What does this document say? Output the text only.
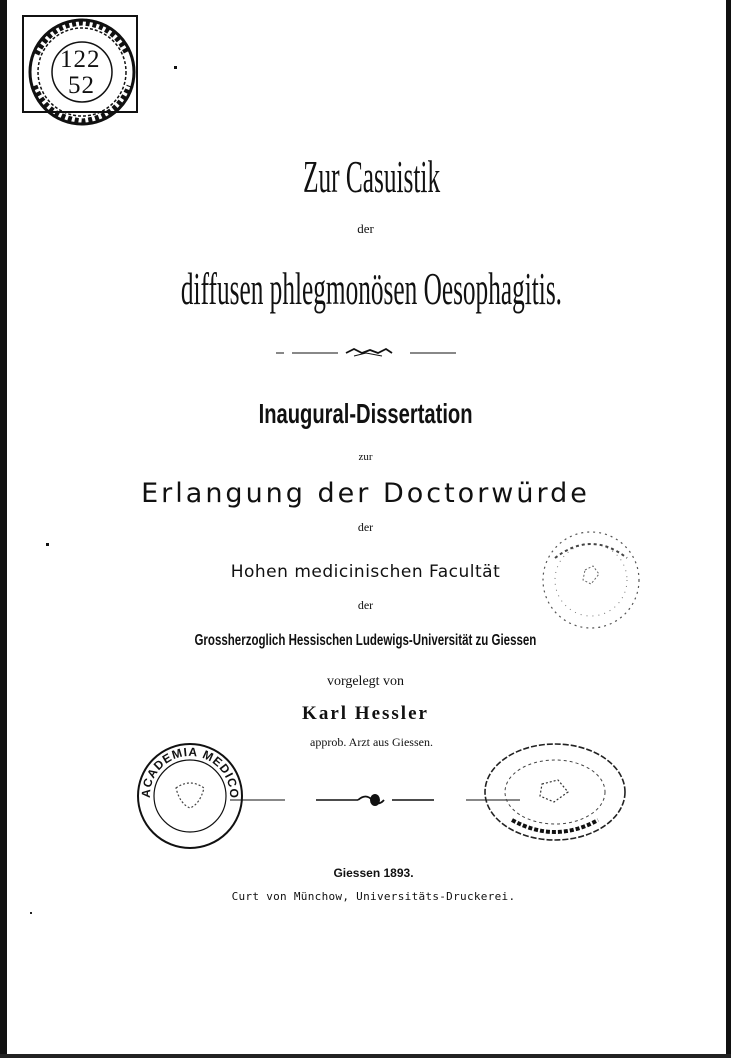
122
52
Zur Casuistik
der
diffusen phlegmonösen Oesophagitis.
Inaugural-Dissertation
zur
Erlangung der Doctorwürde
der
Hohen medicinischen Facultät
der
Grossherzoglich Hessischen Ludewigs-Universität zu Giessen
vorgelegt von
Karl Hessler
approb. Arzt aus Giessen.
Giessen 1893.
Curt von Münchow, Universitäts-Druckerei.
ACADEMIA MEDICO
